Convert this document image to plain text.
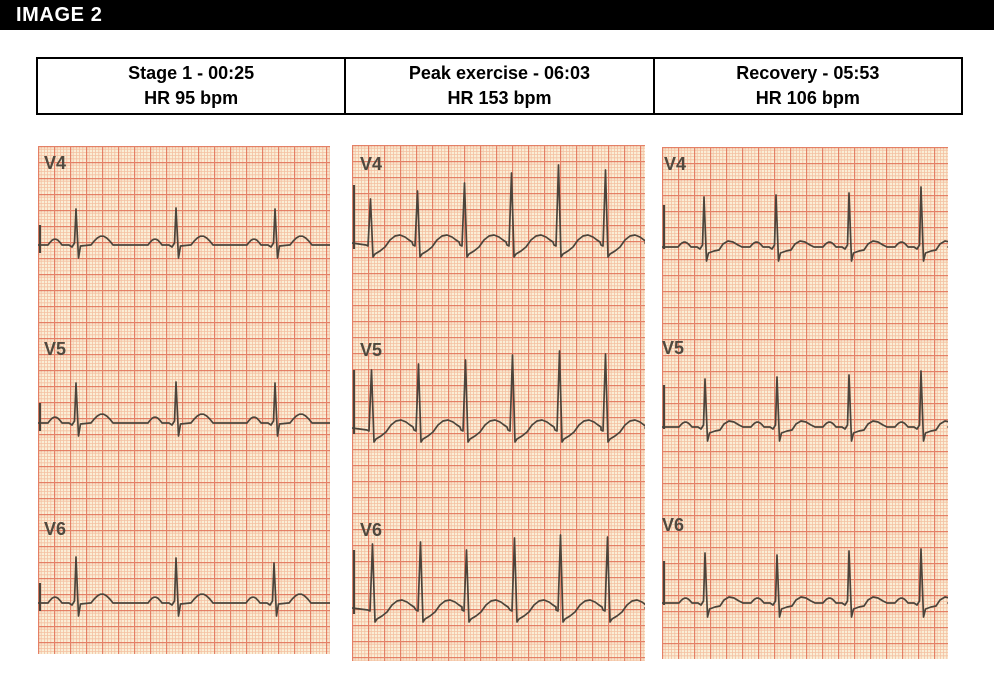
IMAGE 2
Stage 1 - 00:25
HR 95 bpm
Peak exercise - 06:03
HR 153 bpm
Recovery - 05:53
HR 106 bpm
V4
V5
V6
V4
V5
V6
V4
V5
V6
